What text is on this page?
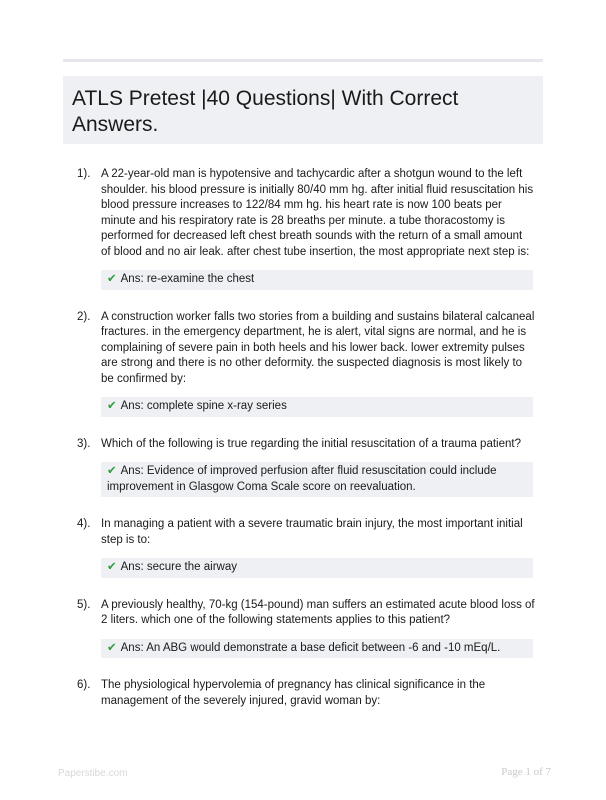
ATLS Pretest |40 Questions| With Correct Answers.
1). A 22-year-old man is hypotensive and tachycardic after a shotgun wound to the left shoulder. his blood pressure is initially 80/40 mm hg. after initial fluid resuscitation his blood pressure increases to 122/84 mm hg. his heart rate is now 100 beats per minute and his respiratory rate is 28 breaths per minute. a tube thoracostomy is performed for decreased left chest breath sounds with the return of a small amount of blood and no air leak. after chest tube insertion, the most appropriate next step is:

✔ Ans: re-examine the chest
2). A construction worker falls two stories from a building and sustains bilateral calcaneal fractures. in the emergency department, he is alert, vital signs are normal, and he is complaining of severe pain in both heels and his lower back. lower extremity pulses are strong and there is no other deformity. the suspected diagnosis is most likely to be confirmed by:

✔ Ans: complete spine x-ray series
3). Which of the following is true regarding the initial resuscitation of a trauma patient?

✔ Ans: Evidence of improved perfusion after fluid resuscitation could include improvement in Glasgow Coma Scale score on reevaluation.
4). In managing a patient with a severe traumatic brain injury, the most important initial step is to:

✔ Ans: secure the airway
5). A previously healthy, 70-kg (154-pound) man suffers an estimated acute blood loss of 2 liters. which one of the following statements applies to this patient?

✔ Ans: An ABG would demonstrate a base deficit between -6 and -10 mEq/L.
6). The physiological hypervolemia of pregnancy has clinical significance in the management of the severely injured, gravid woman by:

Paperstibe.com	Page 1 of 7
